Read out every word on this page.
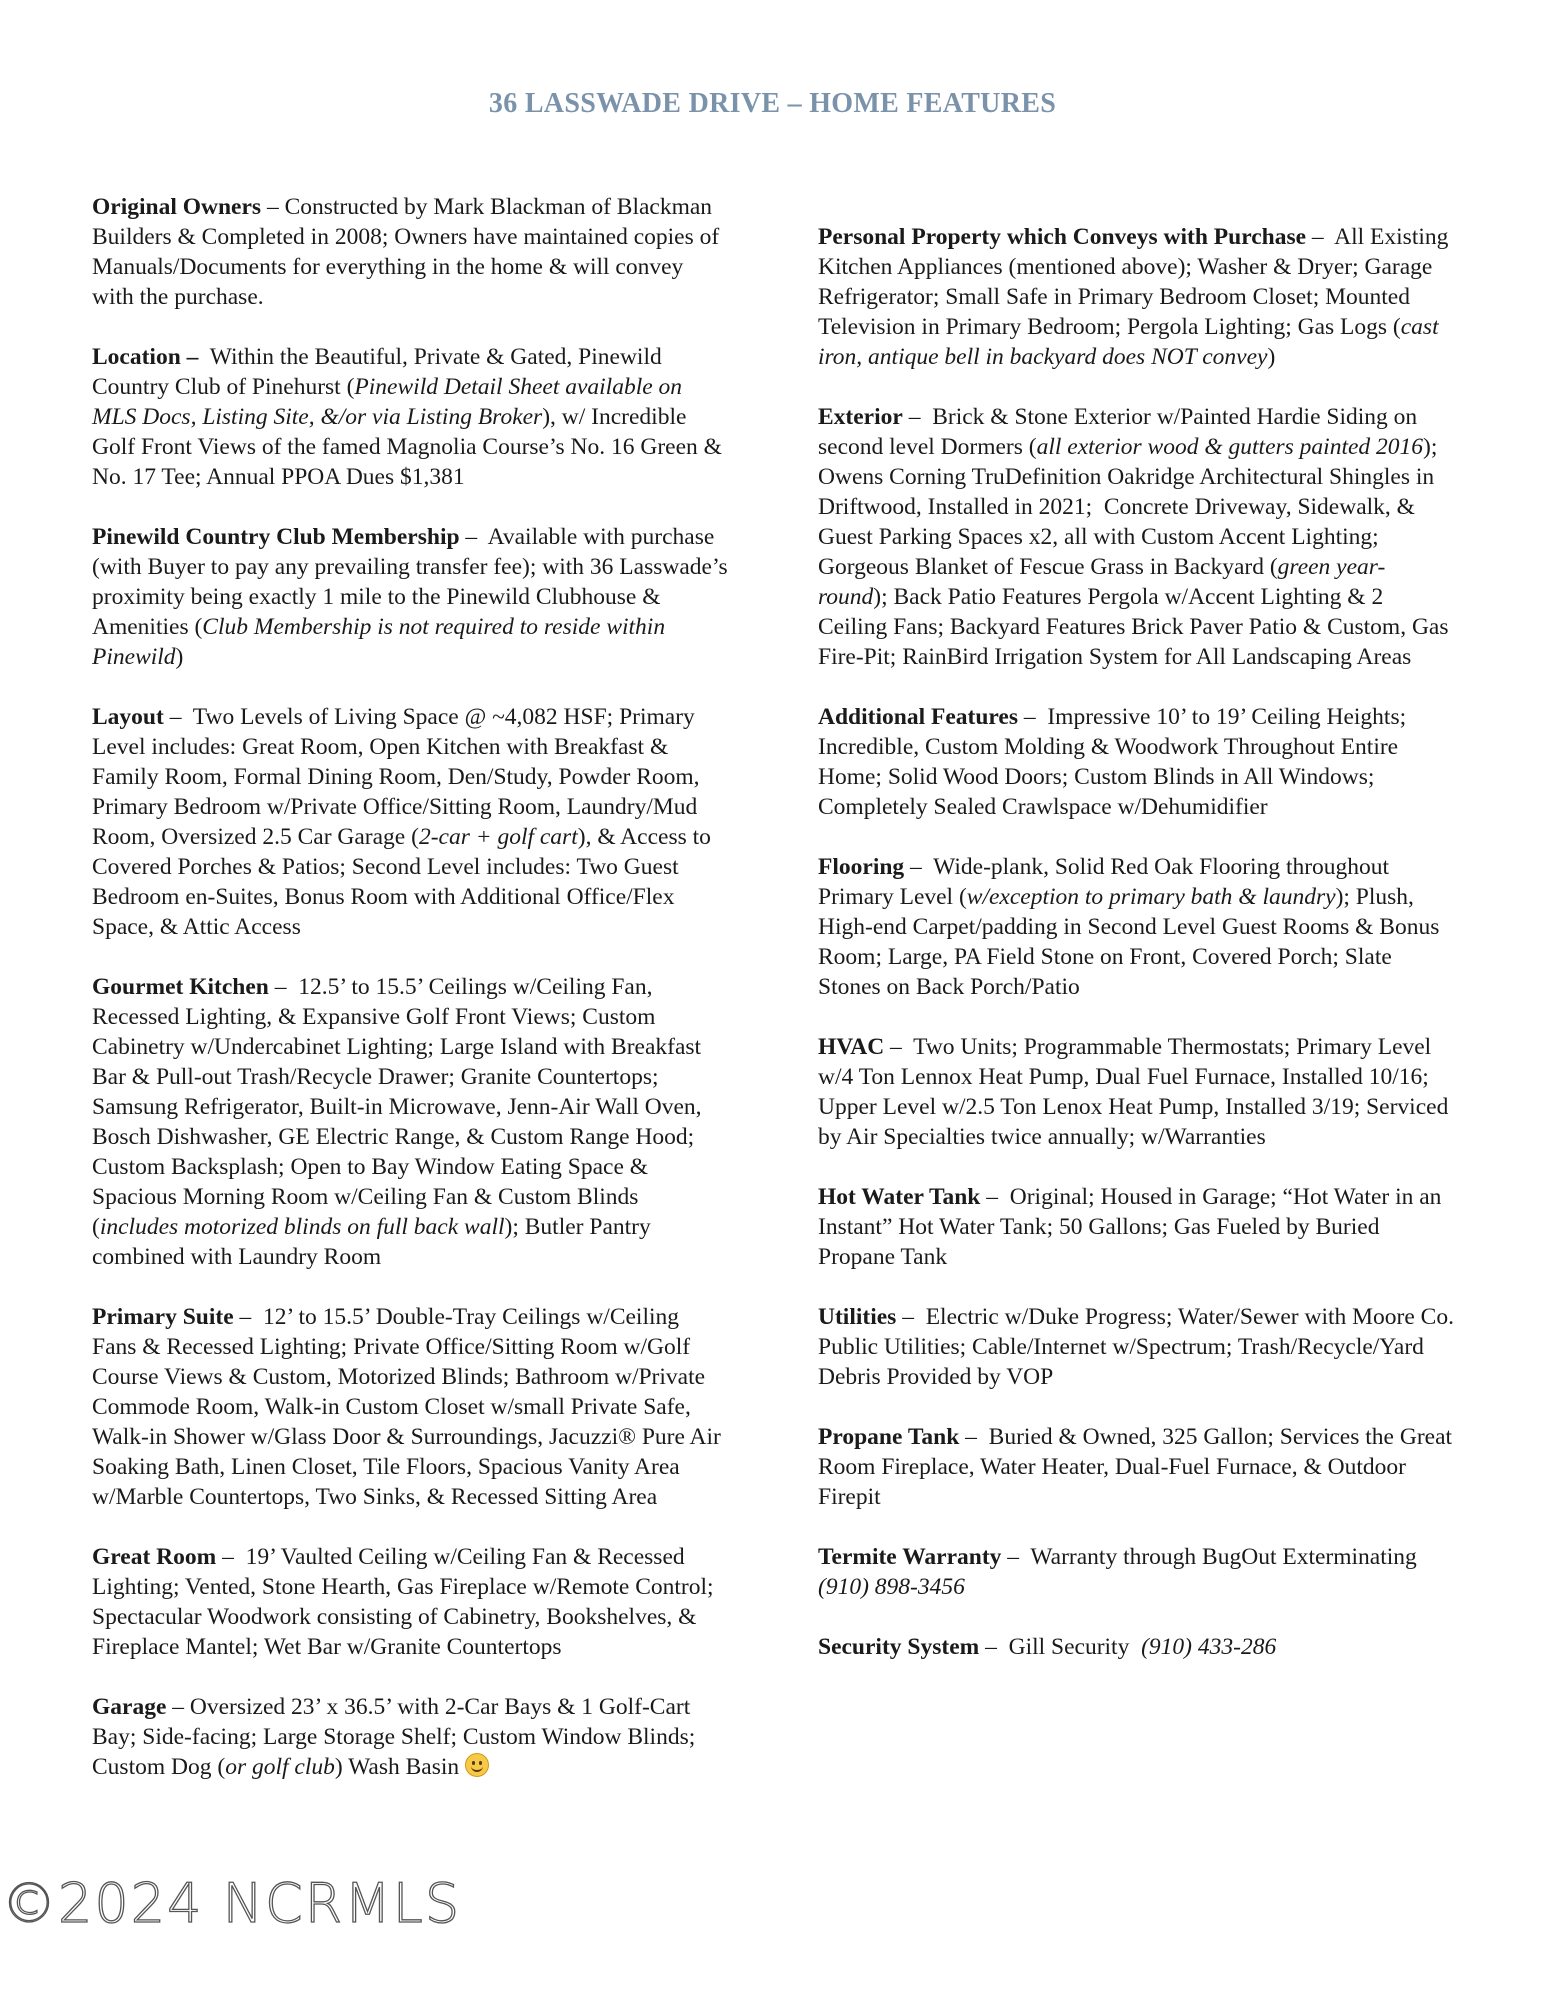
36 LASSWADE DRIVE – HOME FEATURES
Original Owners – Constructed by Mark Blackman of Blackman Builders & Completed in 2008; Owners have maintained copies of Manuals/Documents for everything in the home & will convey with the purchase.
Location – Within the Beautiful, Private & Gated, Pinewild Country Club of Pinehurst (Pinewild Detail Sheet available on MLS Docs, Listing Site, &/or via Listing Broker), w/ Incredible Golf Front Views of the famed Magnolia Course’s No. 16 Green & No. 17 Tee; Annual PPOA Dues $1,381
Pinewild Country Club Membership –  Available with purchase (with Buyer to pay any prevailing transfer fee); with 36 Lasswade’s proximity being exactly 1 mile to the Pinewild Clubhouse & Amenities (Club Membership is not required to reside within Pinewild)
Layout –  Two Levels of Living Space @ ~4,082 HSF; Primary Level includes: Great Room, Open Kitchen with Breakfast & Family Room, Formal Dining Room, Den/Study, Powder Room, Primary Bedroom w/Private Office/Sitting Room, Laundry/Mud Room, Oversized 2.5 Car Garage (2-car + golf cart), & Access to Covered Porches & Patios; Second Level includes: Two Guest Bedroom en-Suites, Bonus Room with Additional Office/Flex Space, & Attic Access
Gourmet Kitchen –  12.5’ to 15.5’ Ceilings w/Ceiling Fan, Recessed Lighting, & Expansive Golf Front Views; Custom Cabinetry w/Undercabinet Lighting; Large Island with Breakfast Bar & Pull-out Trash/Recycle Drawer; Granite Countertops; Samsung Refrigerator, Built-in Microwave, Jenn-Air Wall Oven, Bosch Dishwasher, GE Electric Range, & Custom Range Hood; Custom Backsplash; Open to Bay Window Eating Space & Spacious Morning Room w/Ceiling Fan & Custom Blinds (includes motorized blinds on full back wall); Butler Pantry combined with Laundry Room
Primary Suite –  12’ to 15.5’ Double-Tray Ceilings w/Ceiling Fans & Recessed Lighting; Private Office/Sitting Room w/Golf Course Views & Custom, Motorized Blinds; Bathroom w/Private Commode Room, Walk-in Custom Closet w/small Private Safe, Walk-in Shower w/Glass Door & Surroundings, Jacuzzi® Pure Air Soaking Bath, Linen Closet, Tile Floors, Spacious Vanity Area w/Marble Countertops, Two Sinks, & Recessed Sitting Area
Great Room –  19’ Vaulted Ceiling w/Ceiling Fan & Recessed Lighting; Vented, Stone Hearth, Gas Fireplace w/Remote Control; Spectacular Woodwork consisting of Cabinetry, Bookshelves, & Fireplace Mantel; Wet Bar w/Granite Countertops
Garage – Oversized 23’ x 36.5’ with 2-Car Bays & 1 Golf-Cart Bay; Side-facing; Large Storage Shelf; Custom Window Blinds; Custom Dog (or golf club) Wash Basin
Personal Property which Conveys with Purchase –  All Existing Kitchen Appliances (mentioned above); Washer & Dryer; Garage Refrigerator; Small Safe in Primary Bedroom Closet; Mounted Television in Primary Bedroom; Pergola Lighting; Gas Logs (cast iron, antique bell in backyard does NOT convey)
Exterior –  Brick & Stone Exterior w/Painted Hardie Siding on second level Dormers (all exterior wood & gutters painted 2016); Owens Corning TruDefinition Oakridge Architectural Shingles in Driftwood, Installed in 2021;  Concrete Driveway, Sidewalk, & Guest Parking Spaces x2, all with Custom Accent Lighting; Gorgeous Blanket of Fescue Grass in Backyard (green year-round); Back Patio Features Pergola w/Accent Lighting & 2 Ceiling Fans; Backyard Features Brick Paver Patio & Custom, Gas Fire-Pit; RainBird Irrigation System for All Landscaping Areas
Additional Features –  Impressive 10’ to 19’ Ceiling Heights; Incredible, Custom Molding & Woodwork Throughout Entire Home; Solid Wood Doors; Custom Blinds in All Windows; Completely Sealed Crawlspace w/Dehumidifier
Flooring –  Wide-plank, Solid Red Oak Flooring throughout Primary Level (w/exception to primary bath & laundry); Plush, High-end Carpet/padding in Second Level Guest Rooms & Bonus Room; Large, PA Field Stone on Front, Covered Porch; Slate Stones on Back Porch/Patio
HVAC –  Two Units; Programmable Thermostats; Primary Level w/4 Ton Lennox Heat Pump, Dual Fuel Furnace, Installed 10/16; Upper Level w/2.5 Ton Lenox Heat Pump, Installed 3/19; Serviced by Air Specialties twice annually; w/Warranties
Hot Water Tank –  Original; Housed in Garage; “Hot Water in an Instant” Hot Water Tank; 50 Gallons; Gas Fueled by Buried Propane Tank
Utilities –  Electric w/Duke Progress; Water/Sewer with Moore Co. Public Utilities; Cable/Internet w/Spectrum; Trash/Recycle/Yard Debris Provided by VOP
Propane Tank –  Buried & Owned, 325 Gallon; Services the Great Room Fireplace, Water Heater, Dual-Fuel Furnace, & Outdoor Firepit
Termite Warranty –  Warranty through BugOut Exterminating  (910) 898-3456
Security System –  Gill Security  (910) 433-286
©2024 NCRMLS
